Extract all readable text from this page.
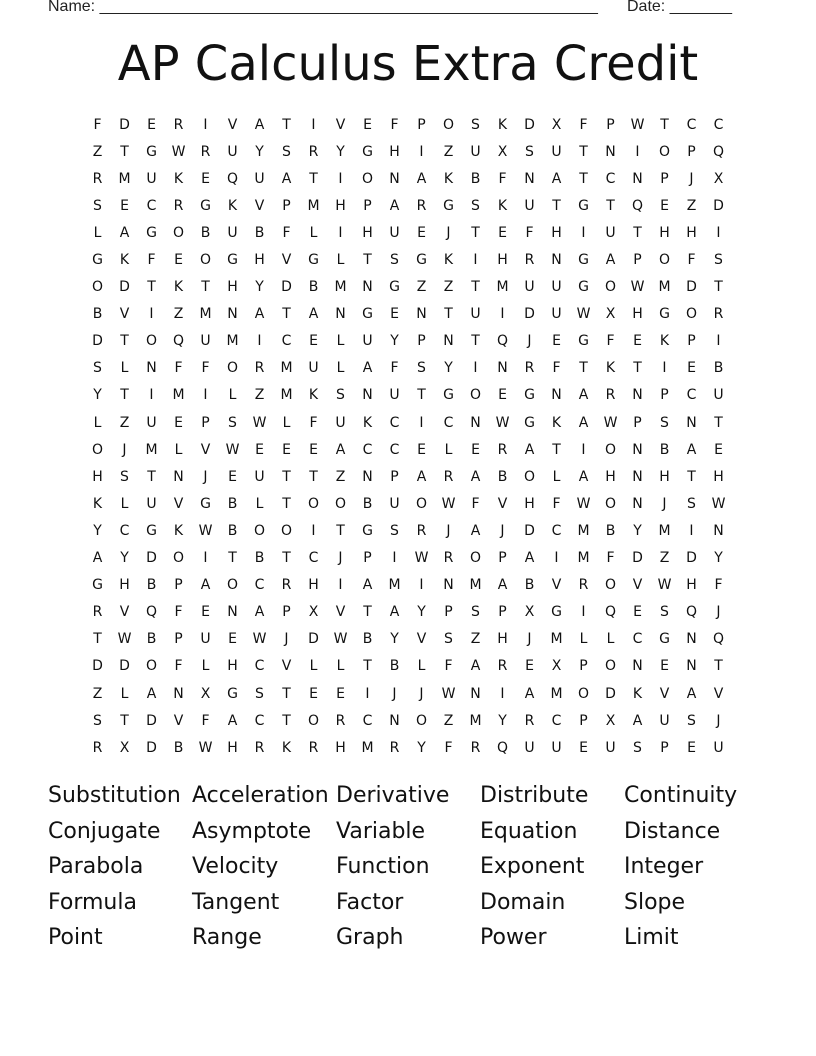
Name: ________________________________________________________ Date: _______
AP Calculus Extra Credit
F	D	E	R	I	V	A	T	I	V	E	F	P	O	S	K	D	X	F	P	W	T	C	C
Z	T	G	W	R	U	Y	S	R	Y	G	H	I	Z	U	X	S	U	T	N	I	O	P	Q
R	M	U	K	E	Q	U	A	T	I	O	N	A	K	B	F	N	A	T	C	N	P	J	X
S	E	C	R	G	K	V	P	M	H	P	A	R	G	S	K	U	T	G	T	Q	E	Z	D
L	A	G	O	B	U	B	F	L	I	H	U	E	J	T	E	F	H	I	U	T	H	H	I
G	K	F	E	O	G	H	V	G	L	T	S	G	K	I	H	R	N	G	A	P	O	F	S
O	D	T	K	T	H	Y	D	B	M	N	G	Z	Z	T	M	U	U	G	O	W	M	D	T
B	V	I	Z	M	N	A	T	A	N	G	E	N	T	U	I	D	U	W	X	H	G	O	R
D	T	O	Q	U	M	I	C	E	L	U	Y	P	N	T	Q	J	E	G	F	E	K	P	I
S	L	N	F	F	O	R	M	U	L	A	F	S	Y	I	N	R	F	T	K	T	I	E	B
Y	T	I	M	I	L	Z	M	K	S	N	U	T	G	O	E	G	N	A	R	N	P	C	U
L	Z	U	E	P	S	W	L	F	U	K	C	I	C	N	W	G	K	A	W	P	S	N	T
O	J	M	L	V	W	E	E	E	A	C	C	E	L	E	R	A	T	I	O	N	B	A	E
H	S	T	N	J	E	U	T	T	Z	N	P	A	R	A	B	O	L	A	H	N	H	T	H
K	L	U	V	G	B	L	T	O	O	B	U	O	W	F	V	H	F	W	O	N	J	S	W
Y	C	G	K	W	B	O	O	I	T	G	S	R	J	A	J	D	C	M	B	Y	M	I	N
A	Y	D	O	I	T	B	T	C	J	P	I	W	R	O	P	A	I	M	F	D	Z	D	Y
G	H	B	P	A	O	C	R	H	I	A	M	I	N	M	A	B	V	R	O	V	W	H	F
R	V	Q	F	E	N	A	P	X	V	T	A	Y	P	S	P	X	G	I	Q	E	S	Q	J
T	W	B	P	U	E	W	J	D	W	B	Y	V	S	Z	H	J	M	L	L	C	G	N	Q
D	D	O	F	L	H	C	V	L	L	T	B	L	F	A	R	E	X	P	O	N	E	N	T
Z	L	A	N	X	G	S	T	E	E	I	J	J	W	N	I	A	M	O	D	K	V	A	V
S	T	D	V	F	A	C	T	O	R	C	N	O	Z	M	Y	R	C	P	X	A	U	S	J
R	X	D	B	W	H	R	K	R	H	M	R	Y	F	R	Q	U	U	E	U	S	P	E	U
Substitution Acceleration Derivative	Distribute	Continuity
Conjugate	Asymptote	Variable	Equation	Distance
Parabola	Velocity	Function	Exponent	Integer
Formula	Tangent	Factor	Domain	Slope
Point	Range	Graph	Power	Limit
